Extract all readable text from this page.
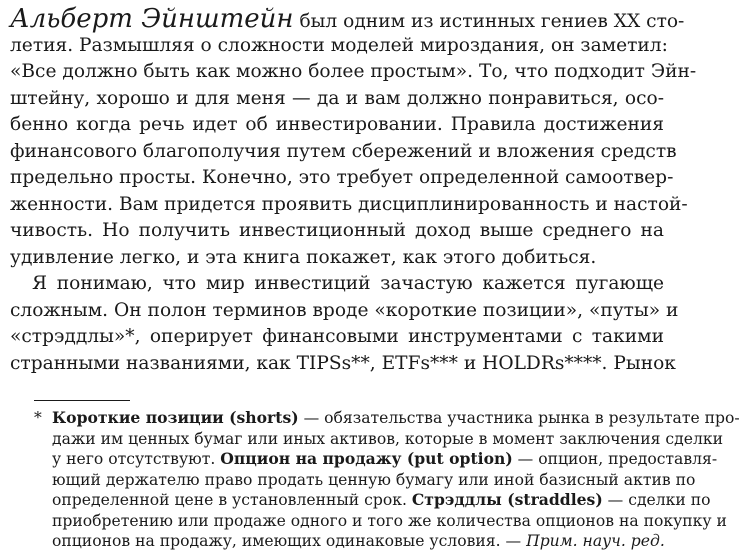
Альберт Эйнштейн был одним из истинных гениев XX сто-
летия. Размышляя о сложности моделей мироздания, он заметил:
«Все должно быть как можно более простым». То, что подходит Эйн-
штейну, хорошо и для меня — да и вам должно понравиться, осо-
бенно когда речь идет об инвестировании. Правила достижения
финансового благополучия путем сбережений и вложения средств
предельно просты. Конечно, это требует определенной самоотвер-
женности. Вам придется проявить дисциплинированность и настой-
чивость. Но получить инвестиционный доход выше среднего на
удивление легко, и эта книга покажет, как этого добиться.
Я понимаю, что мир инвестиций зачастую кажется пугающе
сложным. Он полон терминов вроде «короткие позиции», «путы» и
«стрэддлы»*, оперирует финансовыми инструментами с такими
странными названиями, как TIPSs**, ETFs*** и HOLDRs****. Рынок
* Короткие позиции (shorts) — обязательства участника рынка в результате про-
дажи им ценных бумаг или иных активов, которые в момент заключения сделки
у него отсутствуют. Опцион на продажу (put option) — опцион, предоставля-
ющий держателю право продать ценную бумагу или иной базисный актив по
определенной цене в установленный срок. Стрэддлы (straddles) — сделки по
приобретению или продаже одного и того же количества опционов на покупку и
опционов на продажу, имеющих одинаковые условия. — Прим. науч. ред.
